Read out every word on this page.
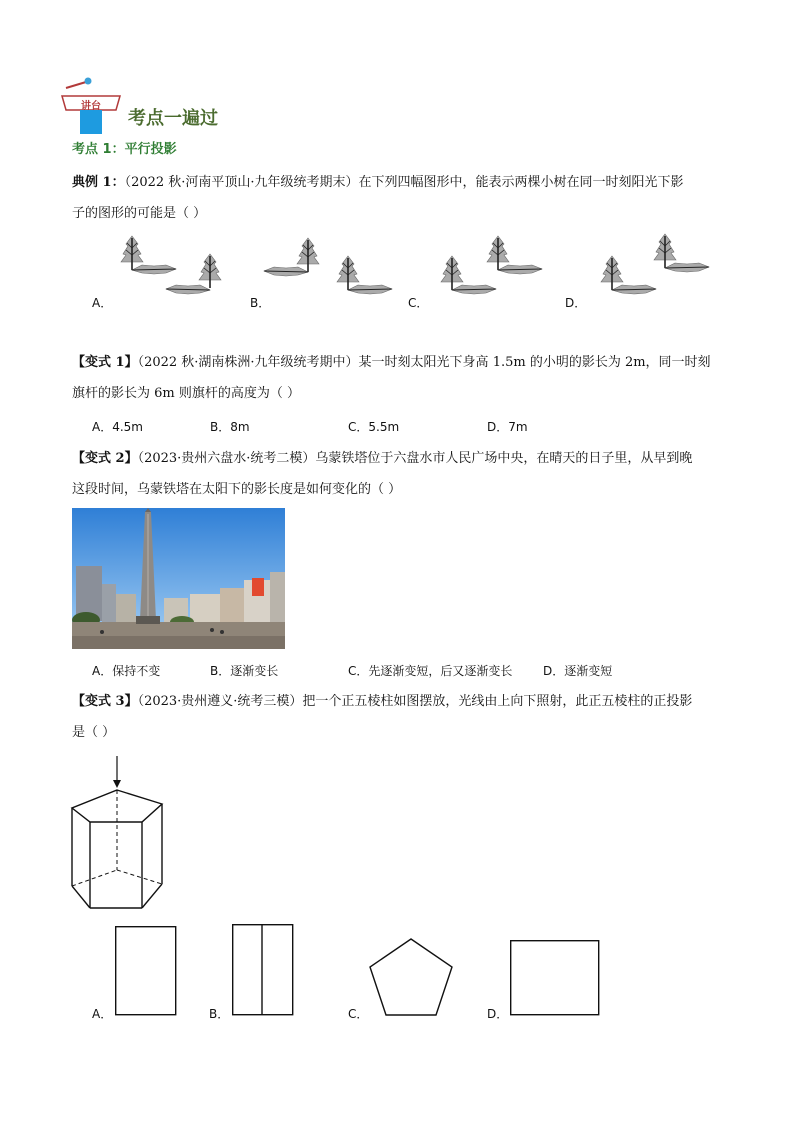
讲台
考点一遍过
考点 1：平行投影
典例 1：（2022 秋·河南平顶山·九年级统考期末）在下列四幅图形中，能表示两棵小树在同一时刻阳光下影
子的图形的可能是（ ）
A．	B．	C．	D．
【变式 1】（2022 秋·湖南株洲·九年级统考期中）某一时刻太阳光下身高 1.5m 的小明的影长为 2m，同一时刻
旗杆的影长为 6m 则旗杆的高度为（ ）
A．4.5m	B．8m	C．5.5m	D．7m
【变式 2】（2023·贵州六盘水·统考二模）乌蒙铁塔位于六盘水市人民广场中央，在晴天的日子里，从早到晚
这段时间，乌蒙铁塔在太阳下的影长度是如何变化的（ ）
A．保持不变	B．逐渐变长	C．先逐渐变短，后又逐渐变长	D．逐渐变短
【变式 3】（2023·贵州遵义·统考三模）把一个正五棱柱如图摆放，光线由上向下照射，此正五棱柱的正投影
是（ ）
A．	B．	C．	D．
